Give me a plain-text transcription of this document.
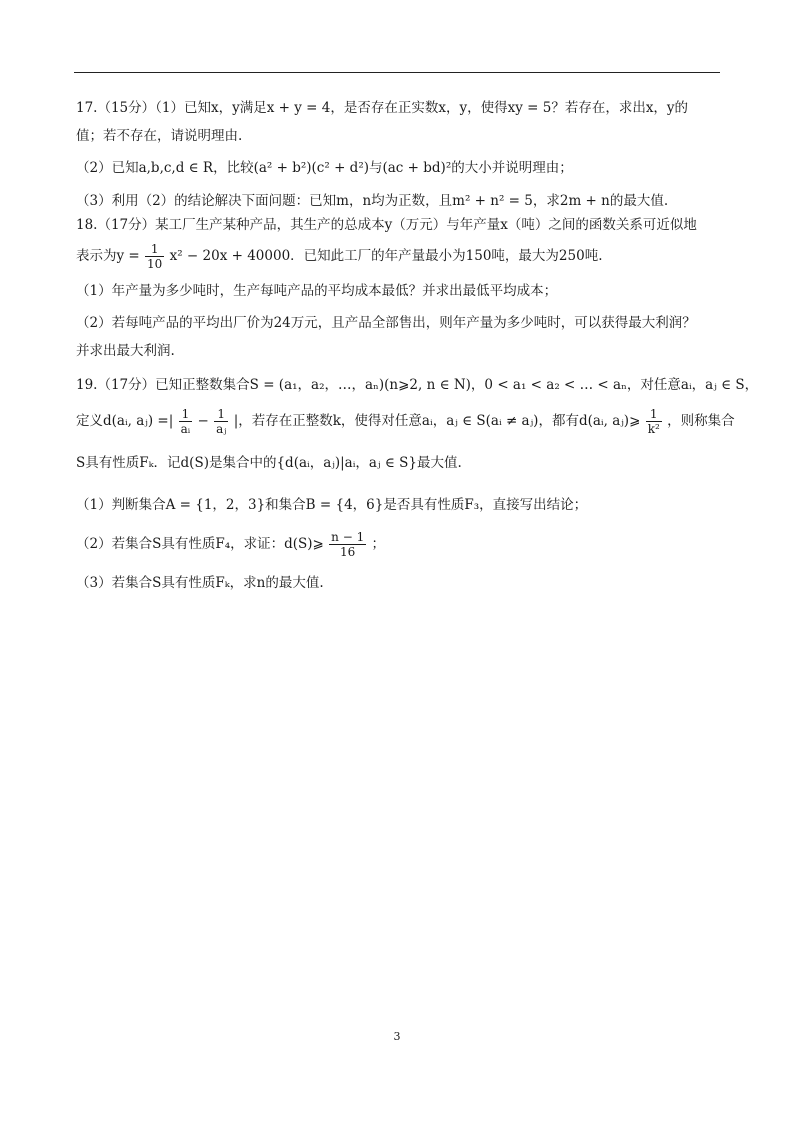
17.（15分）（1）已知x，y满足x + y = 4，是否存在正实数x，y，使得xy = 5？若存在，求出x，y的
值；若不存在，请说明理由.
（2）已知a,b,c,d ∈ R，比较(a² + b²)(c² + d²)与(ac + bd)²的大小并说明理由；
（3）利用（2）的结论解决下面问题：已知m，n均为正数，且m² + n² = 5，求2m + n的最大值.
18.（17分）某工厂生产某种产品，其生产的总成本y（万元）与年产量x（吨）之间的函数关系可近似地
表示为$y = \frac{1}{10} x^2 - 20x + 40000$．已知此工厂的年产量最小为150吨，最大为250吨.
（1）年产量为多少吨时，生产每吨产品的平均成本最低？并求出最低平均成本；
（2）若每吨产品的平均出厂价为24万元，且产品全部售出，则年产量为多少吨时，可以获得最大利润？
并求出最大利润.
19.（17分）已知正整数集合S = (a₁，a₂，…，aₙ)(n⩾2, n ∈ N)，0 < a₁ < a₂ < … < aₙ，对任意aᵢ，aⱼ ∈ S，
定义d(aᵢ, aⱼ) =| $\frac{1}{\text{aᵢ}} - \frac{1}{\text{aⱼ}}$ |，若存在正整数k，使得对任意aᵢ，aⱼ ∈ S(aᵢ ≠ aⱼ)，都有d(aᵢ, aⱼ)⩾ $\frac{1}{\text{k²}}$ ，则称集合
S具有性质Fₖ．记d(S)是集合中的{d(aᵢ，aⱼ)|aᵢ，aⱼ ∈ S}最大值.
（1）判断集合A = {1，2，3}和集合B = {4，6}是否具有性质F₃，直接写出结论；
（2）若集合S具有性质F₄，求证：d(S)⩾ $\frac{n - 1}{16}$ ；
（3）若集合S具有性质Fₖ，求n的最大值.
3
